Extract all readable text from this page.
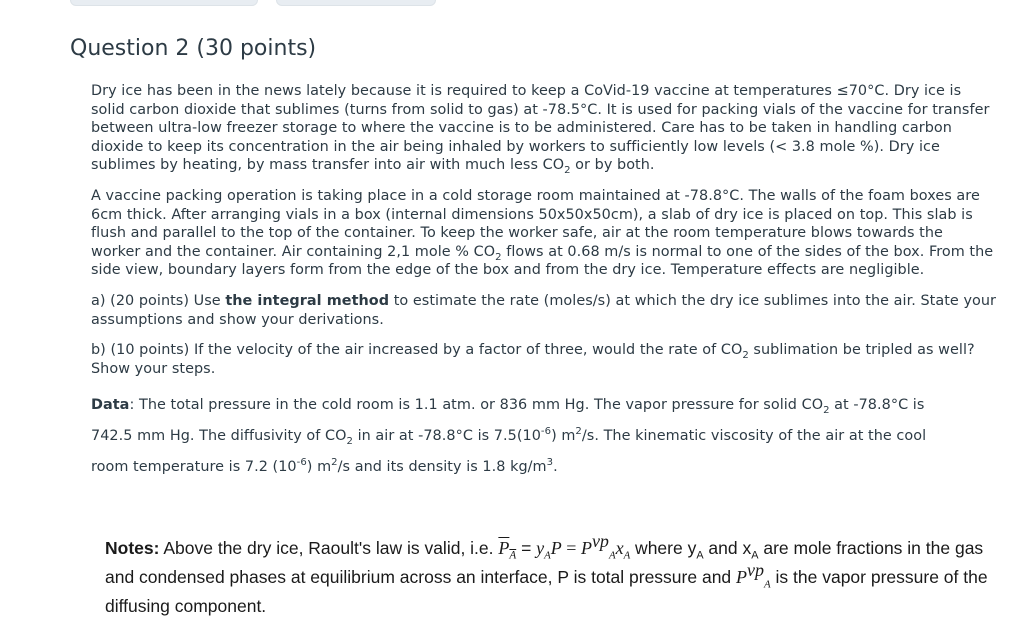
Question 2 (30 points)

Dry ice has been in the news lately because it is required to keep a CoVid-19 vaccine at temperatures ≤70°C. Dry ice is solid carbon dioxide that sublimes (turns from solid to gas) at -78.5°C. It is used for packing vials of the vaccine for transfer between ultra-low freezer storage to where the vaccine is to be administered. Care has to be taken in handling carbon dioxide to keep its concentration in the air being inhaled by workers to sufficiently low levels (< 3.8 mole %). Dry ice sublimes by heating, by mass transfer into air with much less $CO_2$ or by both.

A vaccine packing operation is taking place in a cold storage room maintained at -78.8°C. The walls of the foam boxes are 6cm thick. After arranging vials in a box (internal dimensions 50x50x50cm), a slab of dry ice is placed on top. This slab is flush and parallel to the top of the container. To keep the worker safe, air at the room temperature blows towards the worker and the container. Air containing 2,1 mole % $CO_2$ flows at 0.68 m/s is normal to one of the sides of the box. From the side view, boundary layers form from the edge of the box and from the dry ice. Temperature effects are negligible.

a) (20 points) Use the integral method to estimate the rate (moles/s) at which the dry ice sublimes into the air. State your assumptions and show your derivations.

b) (10 points) If the velocity of the air increased by a factor of three, would the rate of $CO_2$ sublimation be tripled as well? Show your steps.

Data: The total pressure in the cold room is 1.1 atm. or 836 mm Hg. The vapor pressure for solid $CO_2$ at -78.8°C is
742.5 mm Hg. The diffusivity of $CO_2$ in air at -78.8°C is $7.5(10^{-6})$ $m^2/s$. The kinematic viscosity of the air at the cool
room temperature is 7.2 $(10^{-6})$ $m^2/s$ and its density is 1.8 $kg/m^3$.
Notes: Above the dry ice, Raoult's law is valid, i.e. $P_A = y_AP = P^{vp}_Ax_A$ where $y_A$ and $x_A$ are mole fractions in the gas and condensed phases at equilibrium across an interface, P is total pressure and $P^{vp}_A$ is the vapor pressure of the diffusing component.
